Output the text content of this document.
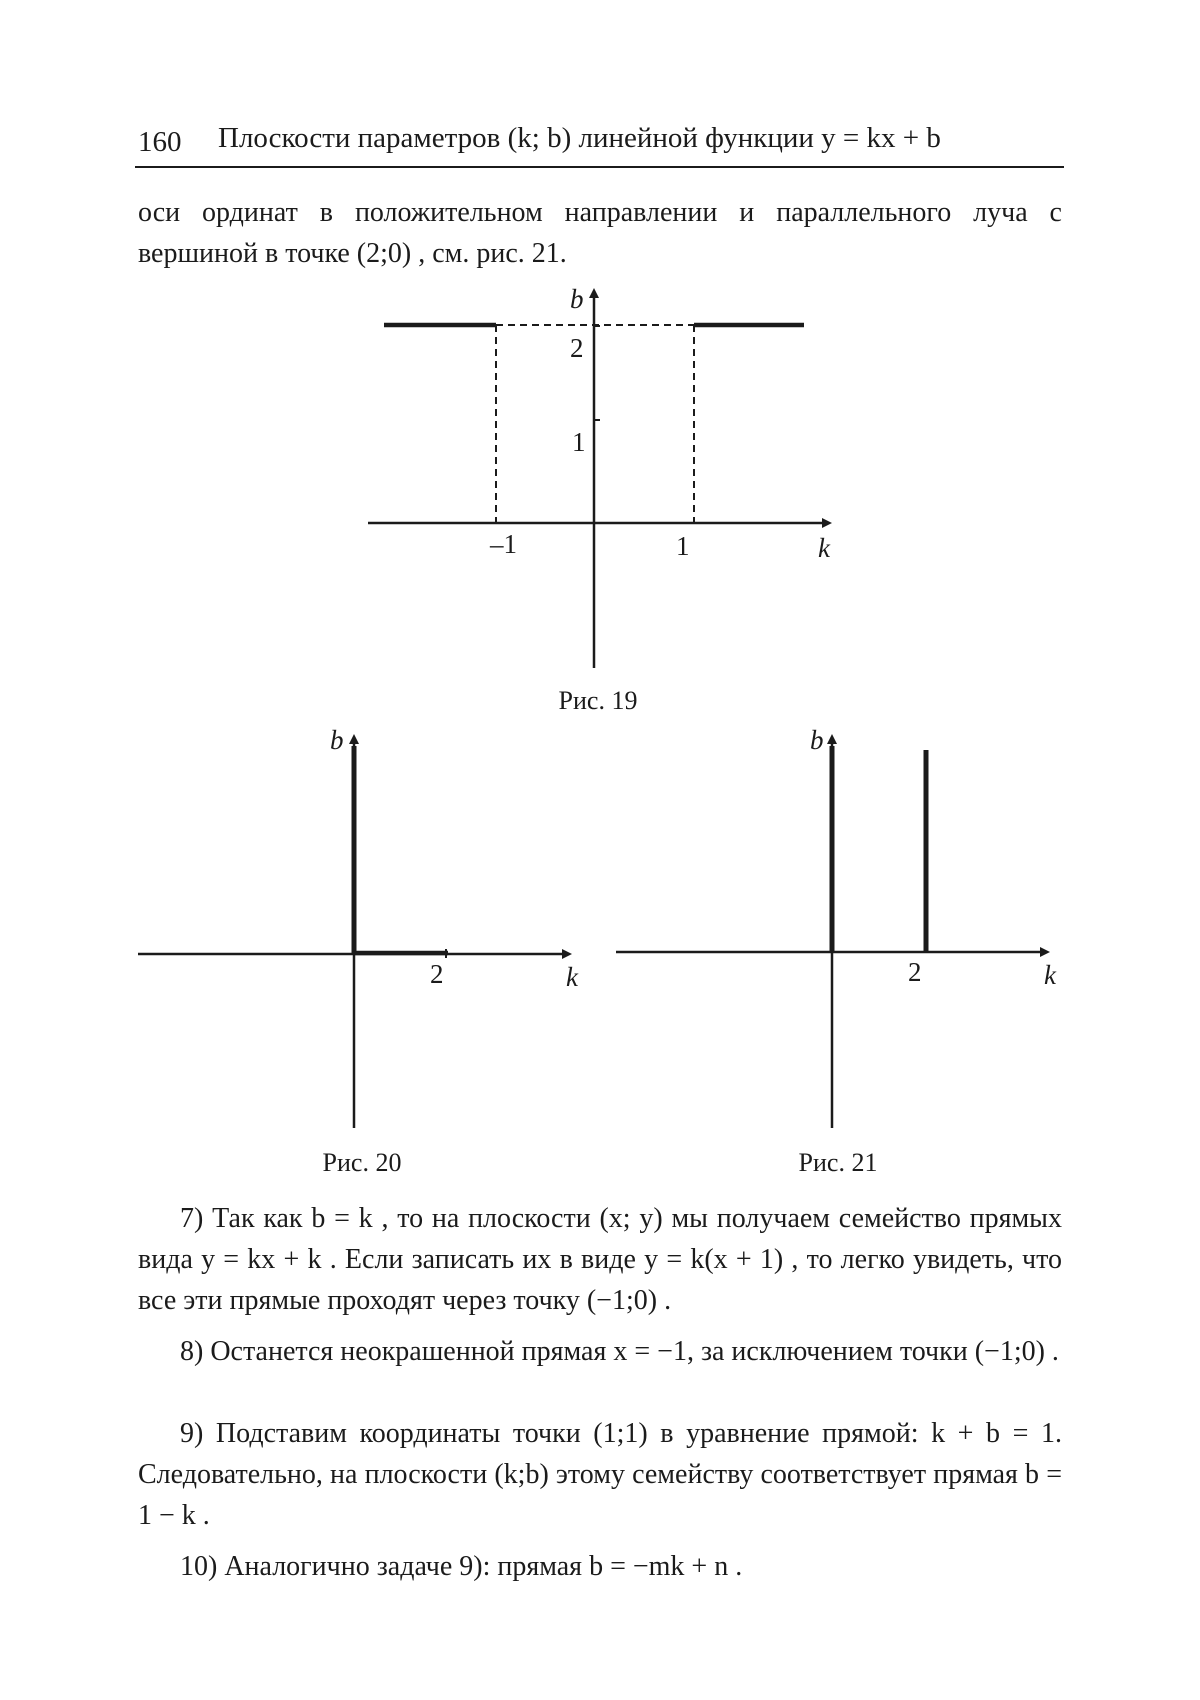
160 Плоскости параметров (k; b) линейной функции y = kx + b
оси ординат в положительном направлении и параллельного луча с вершиной в точке (2;0) , см. рис. 21.
b
k
2
1
–1	1
Рис. 19
b
k
2
Рис. 20
b
k
2
Рис. 21
7) Так как b = k , то на плоскости (x; y) мы получаем семейство прямых вида y = kx + k . Если записать их в виде y = k(x + 1) , то легко увидеть, что все эти прямые проходят через точку (−1;0) .
8) Останется неокрашенной прямая x = −1, за исключением точки (−1;0) .
9) Подставим координаты точки (1;1) в уравнение прямой: k + b = 1. Следовательно, на плоскости (k;b) этому семейству соответствует прямая b = 1 − k .
10) Аналогично задаче 9): прямая b = −mk + n .
